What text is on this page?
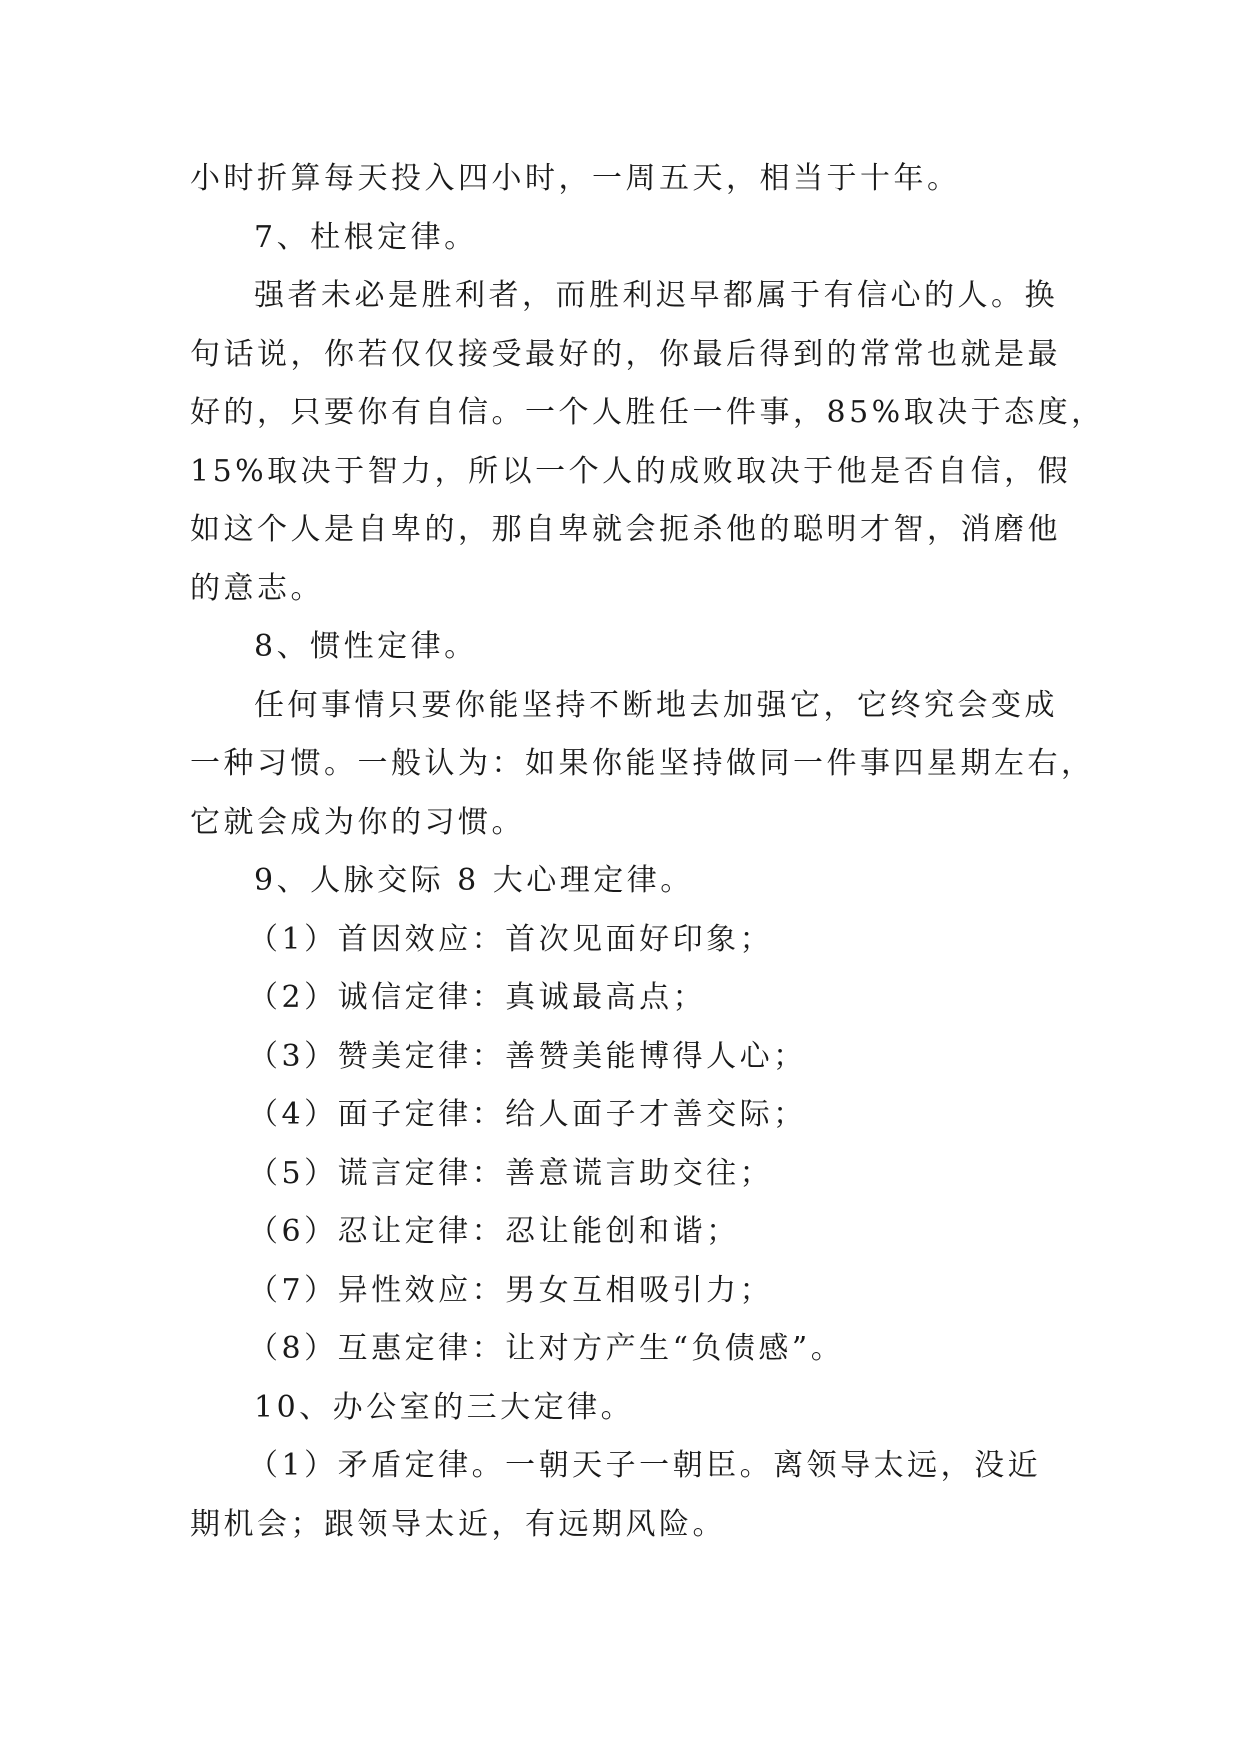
小时折算每天投入四小时，一周五天，相当于十年。
7、杜根定律。
强者未必是胜利者，而胜利迟早都属于有信心的人。换
句话说，你若仅仅接受最好的，你最后得到的常常也就是最
好的，只要你有自信。一个人胜任一件事，85%取决于态度，
15%取决于智力，所以一个人的成败取决于他是否自信，假
如这个人是自卑的，那自卑就会扼杀他的聪明才智，消磨他
的意志。
8、惯性定律。
任何事情只要你能坚持不断地去加强它，它终究会变成
一种习惯。一般认为：如果你能坚持做同一件事四星期左右，
它就会成为你的习惯。
9、人脉交际 8 大心理定律。
（1）首因效应：首次见面好印象；
（2）诚信定律：真诚最高点；
（3）赞美定律：善赞美能博得人心；
（4）面子定律：给人面子才善交际；
（5）谎言定律：善意谎言助交往；
（6）忍让定律：忍让能创和谐；
（7）异性效应：男女互相吸引力；
（8）互惠定律：让对方产生“负债感”。
10、办公室的三大定律。
（1）矛盾定律。一朝天子一朝臣。离领导太远，没近
期机会；跟领导太近，有远期风险。
